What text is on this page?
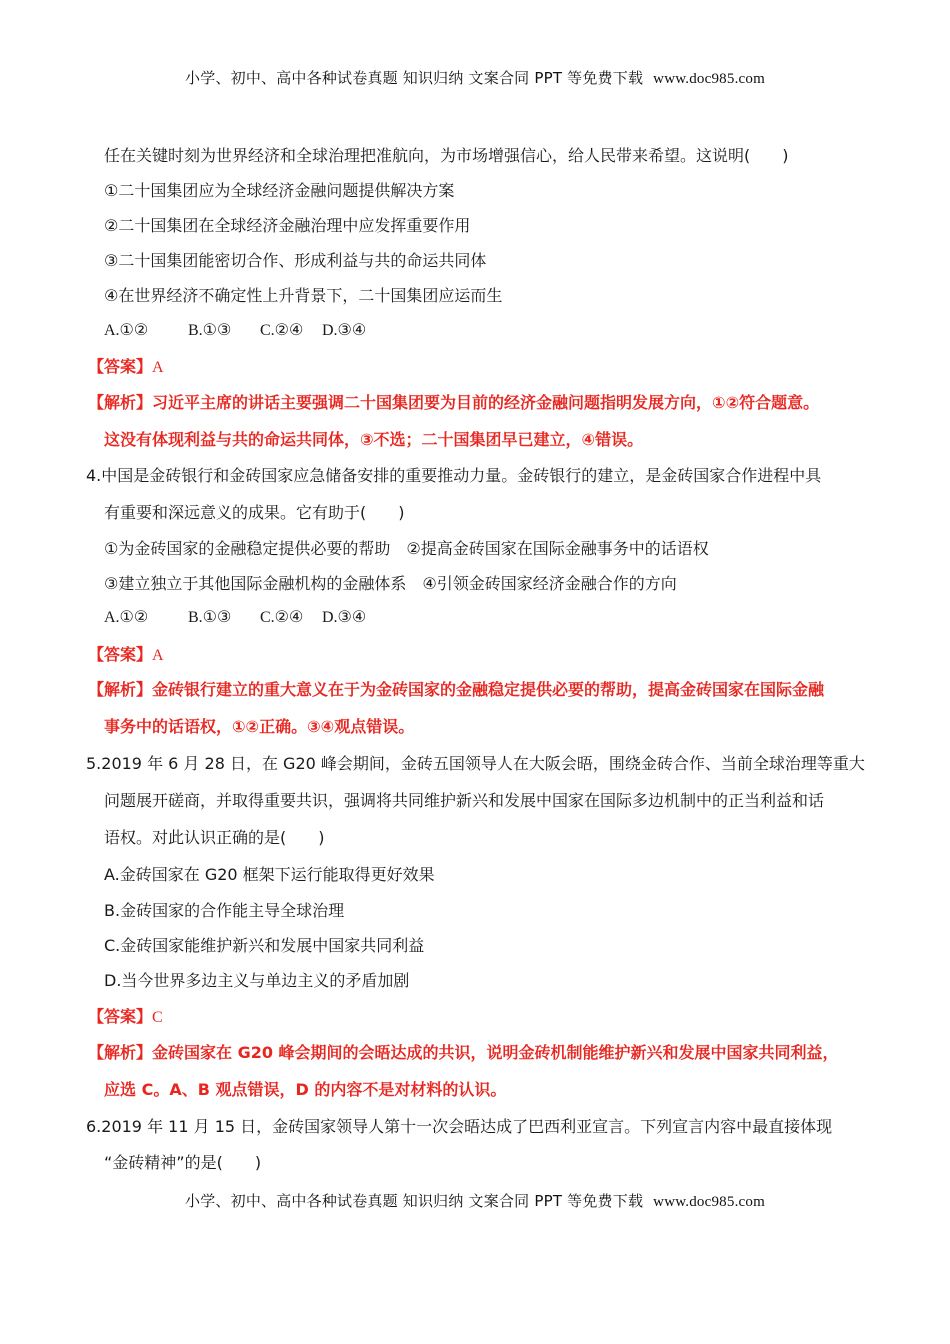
小学、初中、高中各种试卷真题 知识归纳 文案合同 PPT 等免费下载 www.doc985.com
任在关键时刻为世界经济和全球治理把准航向，为市场增强信心，给人民带来希望。这说明(　　)
①二十国集团应为全球经济金融问题提供解决方案
②二十国集团在全球经济金融治理中应发挥重要作用
③二十国集团能密切合作、形成利益与共的命运共同体
④在世界经济不确定性上升背景下，二十国集团应运而生
A.①② B.①③ C.②④ D.③④
【答案】A
【解析】习近平主席的讲话主要强调二十国集团要为目前的经济金融问题指明发展方向，①②符合题意。
这没有体现利益与共的命运共同体，③不选；二十国集团早已建立，④错误。
4.中国是金砖银行和金砖国家应急储备安排的重要推动力量。金砖银行的建立，是金砖国家合作进程中具
有重要和深远意义的成果。它有助于(　　)
①为金砖国家的金融稳定提供必要的帮助　②提高金砖国家在国际金融事务中的话语权
③建立独立于其他国际金融机构的金融体系　④引领金砖国家经济金融合作的方向
A.①② B.①③ C.②④ D.③④
【答案】A
【解析】金砖银行建立的重大意义在于为金砖国家的金融稳定提供必要的帮助，提高金砖国家在国际金融
事务中的话语权，①②正确。③④观点错误。
5.2019 年 6 月 28 日，在 G20 峰会期间，金砖五国领导人在大阪会晤，围绕金砖合作、当前全球治理等重大
问题展开磋商，并取得重要共识，强调将共同维护新兴和发展中国家在国际多边机制中的正当利益和话
语权。对此认识正确的是(　　)
A.金砖国家在 G20 框架下运行能取得更好效果
B.金砖国家的合作能主导全球治理
C.金砖国家能维护新兴和发展中国家共同利益
D.当今世界多边主义与单边主义的矛盾加剧
【答案】C
【解析】金砖国家在 G20 峰会期间的会晤达成的共识，说明金砖机制能维护新兴和发展中国家共同利益，
应选 C。A、B 观点错误，D 的内容不是对材料的认识。
6.2019 年 11 月 15 日，金砖国家领导人第十一次会晤达成了巴西利亚宣言。下列宣言内容中最直接体现
“金砖精神”的是(　　)
小学、初中、高中各种试卷真题 知识归纳 文案合同 PPT 等免费下载 www.doc985.com
